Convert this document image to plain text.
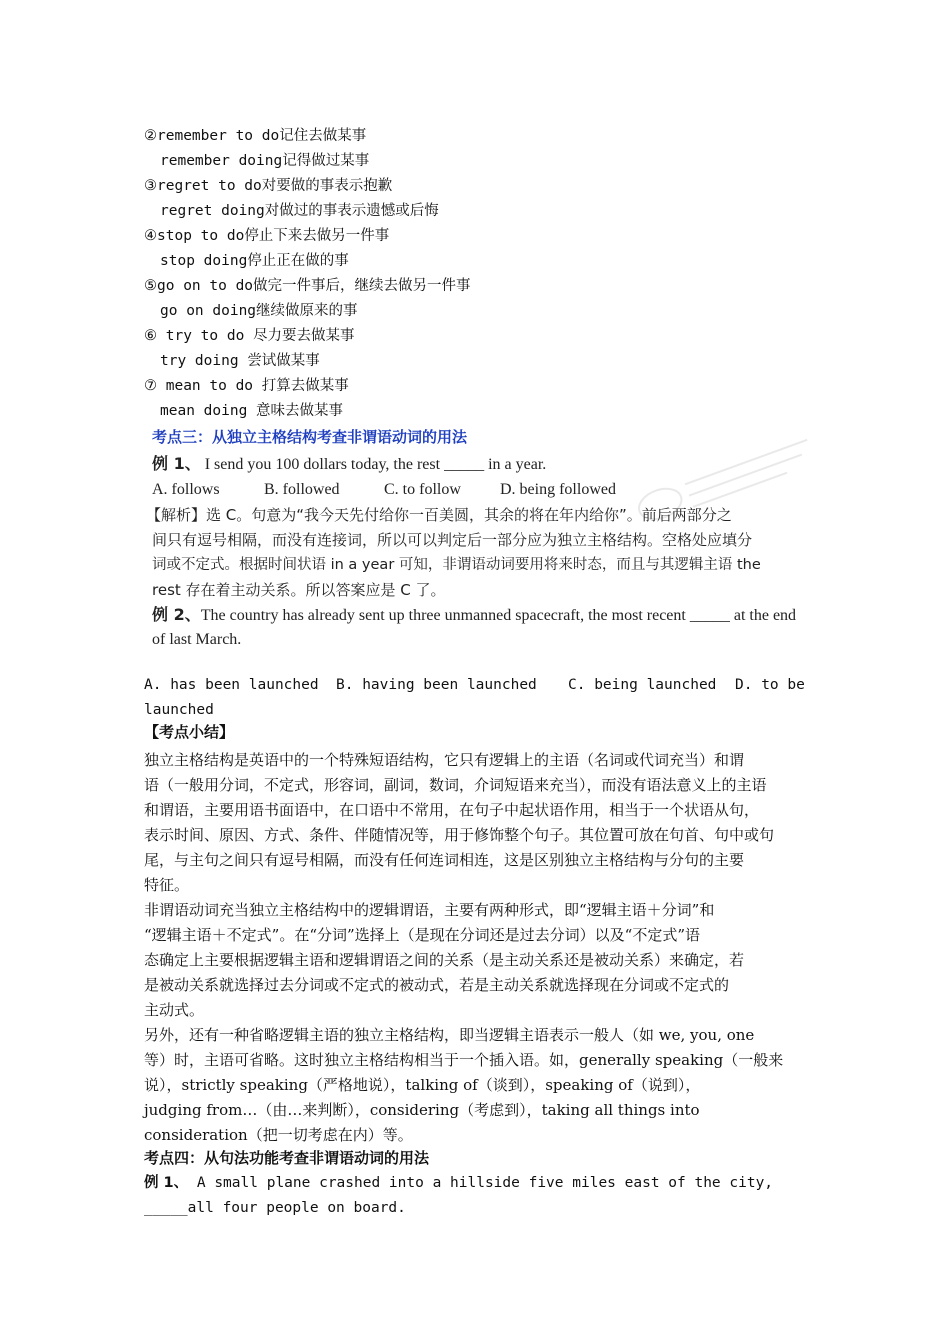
②remember to do记住去做某事
remember doing记得做过某事
③regret to do对要做的事表示抱歉
regret doing对做过的事表示遗憾或后悔
④stop to do停止下来去做另一件事
stop doing停止正在做的事
⑤go on to do做完一件事后，继续去做另一件事
go on doing继续做原来的事
⑥ try to do 尽力要去做某事
try doing 尝试做某事
⑦ mean to do 打算去做某事
mean doing 意味去做某事
考点三：从独立主格结构考查非谓语动词的用法
例 1、 I send you 100 dollars today, the rest _____ in a year.
A. follows	B. followed	C. to follow D. being followed
【解析】选 C。句意为“我今天先付给你一百美圆，其余的将在年内给你”。前后两部分之
间只有逗号相隔，而没有连接词，所以可以判定后一部分应为独立主格结构。空格处应填分
词或不定式。根据时间状语 in a year 可知，非谓语动词要用将来时态，而且与其逻辑主语 the
rest 存在着主动关系。所以答案应是 C 了。
例 2、The country has already sent up three unmanned spacecraft, the most recent _____ at the end
of last March.
A. has been launched B. having been launched C. being launched D. to be
launched
【考点小结】
独立主格结构是英语中的一个特殊短语结构，它只有逻辑上的主语（名词或代词充当）和谓
语（一般用分词，不定式，形容词，副词，数词，介词短语来充当），而没有语法意义上的主语
和谓语，主要用语书面语中，在口语中不常用，在句子中起状语作用，相当于一个状语从句，
表示时间、原因、方式、条件、伴随情况等，用于修饰整个句子。其位置可放在句首、句中或句
尾，与主句之间只有逗号相隔，而没有任何连词相连，这是区别独立主格结构与分句的主要
特征。
非谓语动词充当独立主格结构中的逻辑谓语，主要有两种形式，即“逻辑主语＋分词”和
“逻辑主语＋不定式”。在“分词”选择上（是现在分词还是过去分词）以及“不定式”语
态确定上主要根据逻辑主语和逻辑谓语之间的关系（是主动关系还是被动关系）来确定，若
是被动关系就选择过去分词或不定式的被动式，若是主动关系就选择现在分词或不定式的
主动式。
另外，还有一种省略逻辑主语的独立主格结构，即当逻辑主语表示一般人（如 we, you, one
等）时，主语可省略。这时独立主格结构相当于一个插入语。如，generally speaking（一般来
说），strictly speaking（严格地说），talking of（谈到），speaking of（说到），
judging from…（由…来判断），considering（考虑到），taking all things into
consideration（把一切考虑在内）等。
考点四：从句法功能考查非谓语动词的用法
例 1、 A small plane crashed into a hillside five miles east of the city,
_____all four people on board.
